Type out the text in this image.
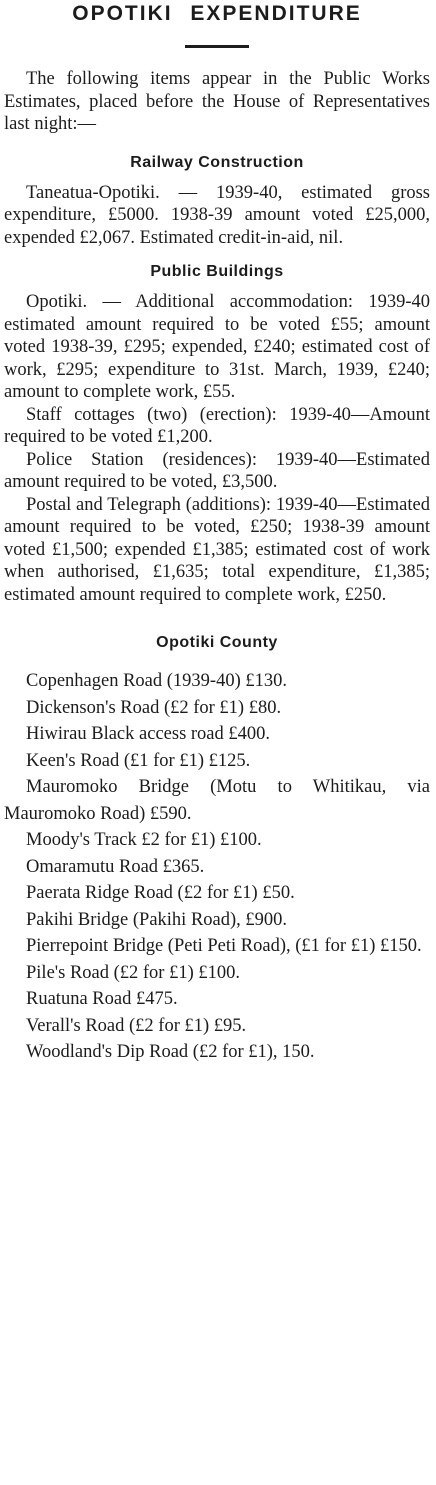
OPOTIKI EXPENDITURE

The following items appear in the Public Works Estimates, placed before the House of Representatives last night:—

Railway Construction

Taneatua-Opotiki. — 1939-40, estimated gross expenditure, £5000. 1938-39 amount voted £25,000, expended £2,067. Estimated credit-in-aid, nil.

Public Buildings

Opotiki. — Additional accommodation: 1939-40 estimated amount required to be voted £55; amount voted 1938-39, £295; expended, £240; estimated cost of work, £295; expenditure to 31st. March, 1939, £240; amount to complete work, £55.

Staff cottages (two) (erection): 1939-40—Amount required to be voted £1,200.

Police Station (residences): 1939-40—Estimated amount required to be voted, £3,500.

Postal and Telegraph (additions): 1939-40—Estimated amount required to be voted, £250; 1938-39 amount voted £1,500; expended £1,385; estimated cost of work when authorised, £1,635; total expenditure, £1,385; estimated amount required to complete work, £250.

Opotiki County

Copenhagen Road (1939-40) £130.

Dickenson's Road (£2 for £1) £80.

Hiwirau Black access road £400.

Keen's Road (£1 for £1) £125.

Mauromoko Bridge (Motu to Whitikau, via Mauromoko Road) £590.

Moody's Track £2 for £1) £100.

Omaramutu Road £365.

Paerata Ridge Road (£2 for £1) £50.

Pakihi Bridge (Pakihi Road), £900.

Pierrepoint Bridge (Peti Peti Road), (£1 for £1) £150.

Pile's Road (£2 for £1) £100.

Ruatuna Road £475.

Verall's Road (£2 for £1) £95.

Woodland's Dip Road (£2 for £1), 150.
